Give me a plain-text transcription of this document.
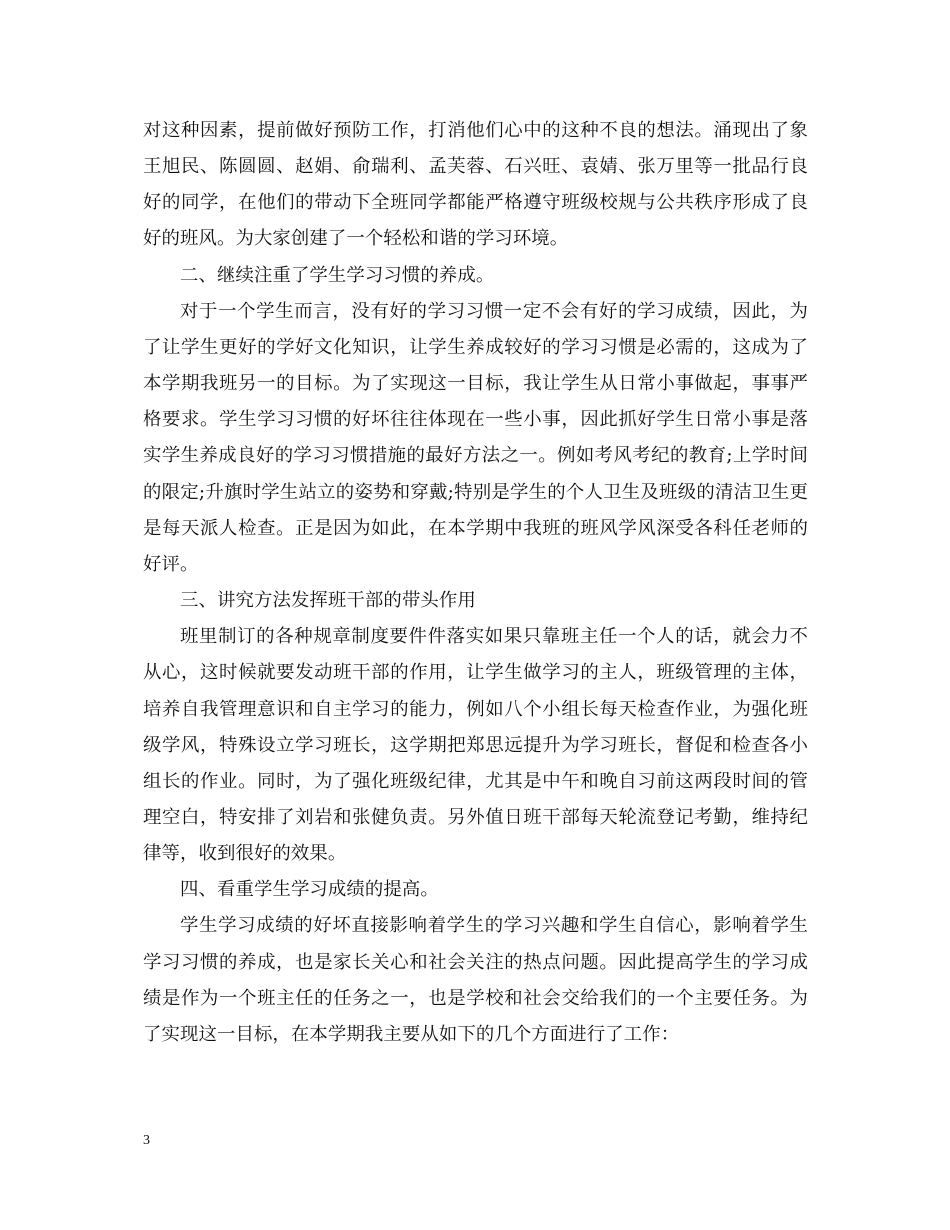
对这种因素，提前做好预防工作，打消他们心中的这种不良的想法。涌现出了象王旭民、陈圆圆、赵娟、俞瑞利、孟芙蓉、石兴旺、袁婧、张万里等一批品行良好的同学，在他们的带动下全班同学都能严格遵守班级校规与公共秩序形成了良好的班风。为大家创建了一个轻松和谐的学习环境。

二、继续注重了学生学习习惯的养成。

对于一个学生而言，没有好的学习习惯一定不会有好的学习成绩，因此，为了让学生更好的学好文化知识，让学生养成较好的学习习惯是必需的，这成为了本学期我班另一的目标。为了实现这一目标，我让学生从日常小事做起，事事严格要求。学生学习习惯的好坏往往体现在一些小事，因此抓好学生日常小事是落实学生养成良好的学习习惯措施的最好方法之一。例如考风考纪的教育;上学时间的限定;升旗时学生站立的姿势和穿戴;特别是学生的个人卫生及班级的清洁卫生更是每天派人检查。正是因为如此，在本学期中我班的班风学风深受各科任老师的好评。

三、讲究方法发挥班干部的带头作用

班里制订的各种规章制度要件件落实如果只靠班主任一个人的话，就会力不从心，这时候就要发动班干部的作用，让学生做学习的主人，班级管理的主体，培养自我管理意识和自主学习的能力，例如八个小组长每天检查作业，为强化班级学风，特殊设立学习班长，这学期把郑思远提升为学习班长，督促和检查各小组长的作业。同时，为了强化班级纪律，尤其是中午和晚自习前这两段时间的管理空白，特安排了刘岩和张健负责。另外值日班干部每天轮流登记考勤，维持纪律等，收到很好的效果。

四、看重学生学习成绩的提高。

学生学习成绩的好坏直接影响着学生的学习兴趣和学生自信心，影响着学生学习习惯的养成，也是家长关心和社会关注的热点问题。因此提高学生的学习成绩是作为一个班主任的任务之一，也是学校和社会交给我们的一个主要任务。为了实现这一目标，在本学期我主要从如下的几个方面进行了工作：

3
